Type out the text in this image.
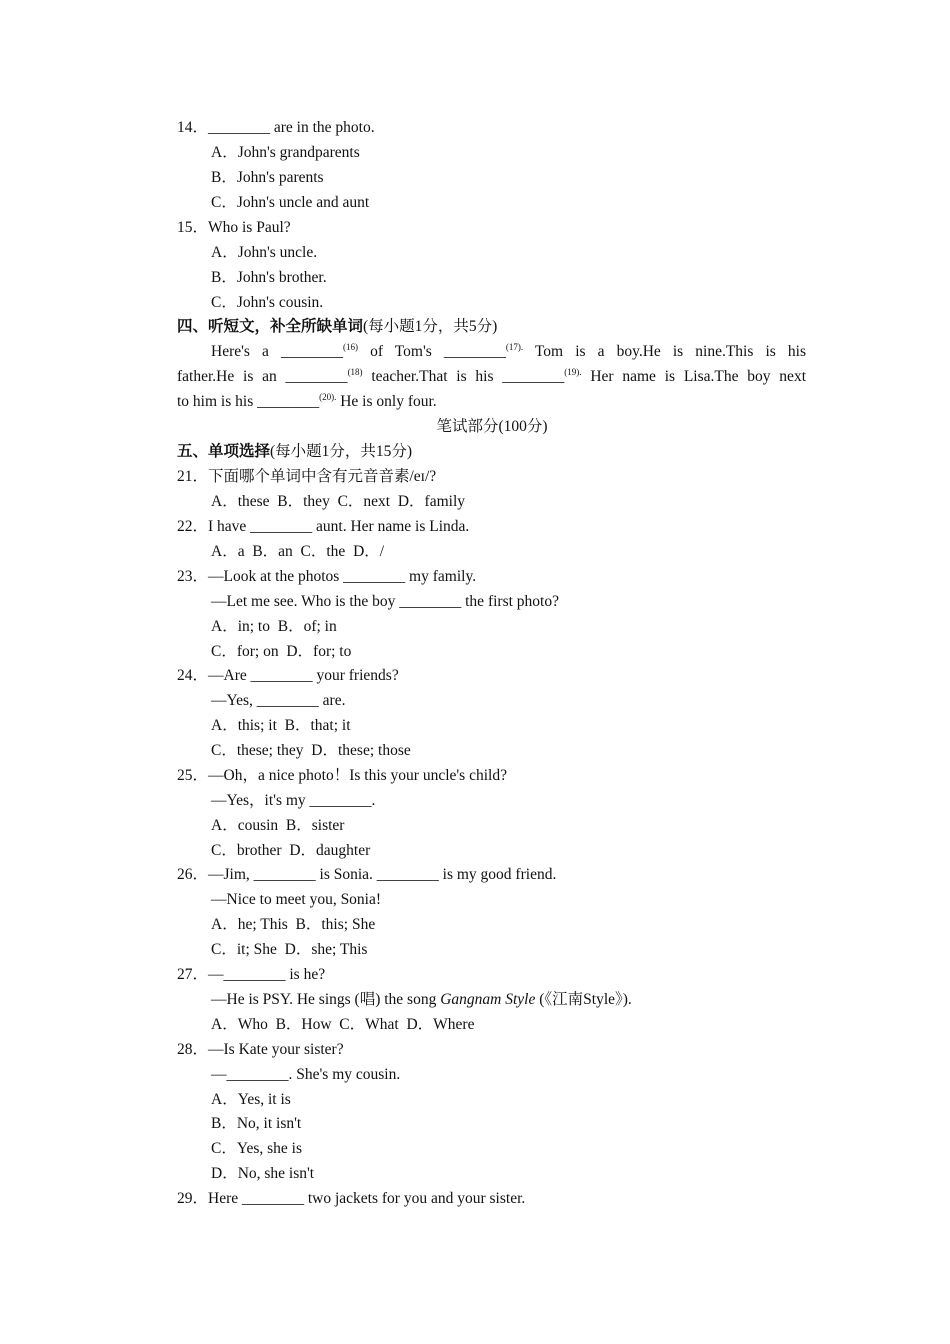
14．________ are in the photo.
A．John's grandparents
B．John's parents
C．John's uncle and aunt
15．Who is Paul?
A．John's uncle.
B．John's brother.
C．John's cousin.
四、听短文，补全所缺单词(每小题1分，共5分)
Here's a ________$^{(16)}$ of Tom's ________$^{(17).}$ Tom is a boy.He is nine.This is his
father.He is an ________$^{(18)}$ teacher.That is his ________$^{(19).}$ Her name is Lisa.The boy next
to him is his ________$^{(20).}$ He is only four.
笔试部分(100分)
五、单项选择(每小题1分，共15分)
21．下面哪个单词中含有元音音素/eɪ/?
A．these  B．they  C．next  D．family
22．I have ________ aunt. Her name is Linda.
A．a  B．an  C．the  D．/
23．—Look at the photos ________ my family.
—Let me see. Who is the boy ________ the first photo?
A．in; to  B．of; in
C．for; on  D．for; to
24．—Are ________ your friends?
—Yes, ________ are.
A．this; it  B．that; it
C．these; they  D．these; those
25．—Oh，a nice photo！Is this your uncle's child?
—Yes，it's my ________.
A．cousin  B．sister
C．brother  D．daughter
26．—Jim, ________ is Sonia. ________ is my good friend.
—Nice to meet you, Sonia!
A．he; This  B．this; She
C．it; She  D．she; This
27．—________ is he?
—He is PSY. He sings (唱) the song Gangnam Style (《江南Style》).
A．Who  B．How  C．What  D．Where
28．—Is Kate your sister?
—________. She's my cousin.
A．Yes, it is
B．No, it isn't
C．Yes, she is
D．No, she isn't
29．Here ________ two jackets for you and your sister.
